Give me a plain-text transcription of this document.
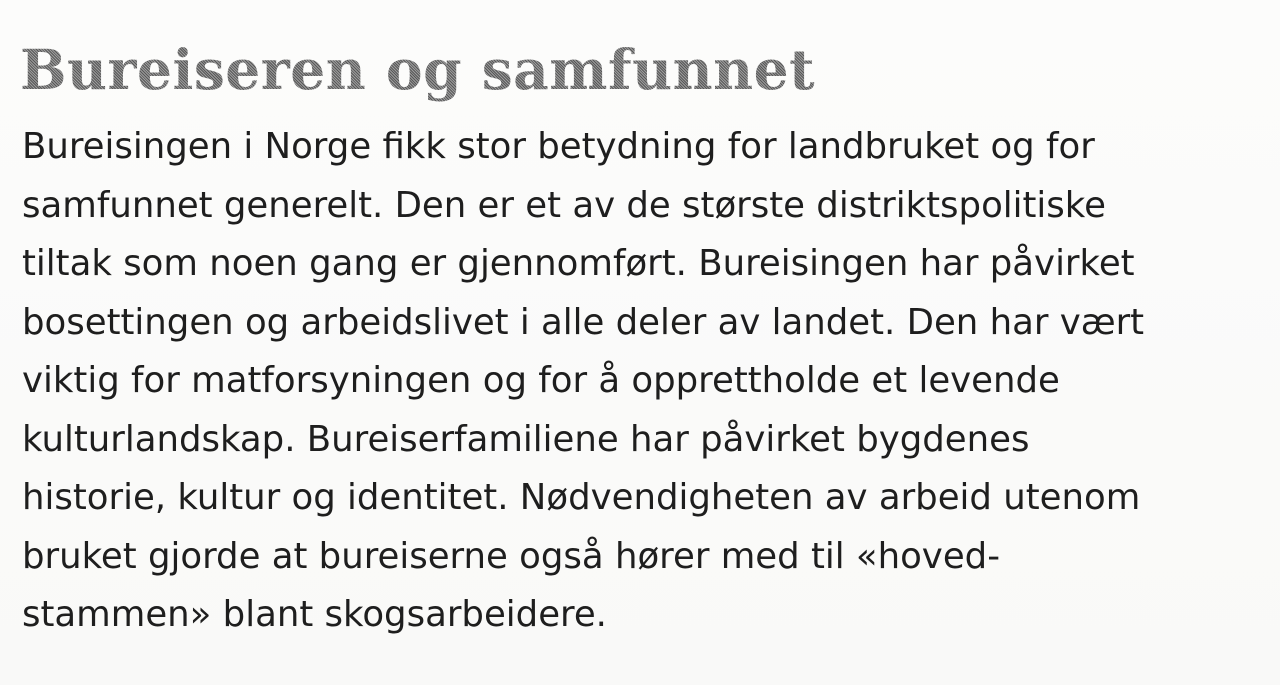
Bureiseren og samfunnet
Bureisingen i Norge fikk stor betydning for landbruket og for
samfunnet generelt. Den er et av de største distriktspolitiske
tiltak som noen gang er gjennomført. Bureisingen har påvirket
bosettingen og arbeidslivet i alle deler av landet. Den har vært
viktig for matforsyningen og for å opprettholde et levende
kulturlandskap. Bureiserfamiliene har påvirket bygdenes
historie, kultur og identitet. Nødvendigheten av arbeid utenom
bruket gjorde at bureiserne også hører med til «hoved-
stammen» blant skogsarbeidere.
